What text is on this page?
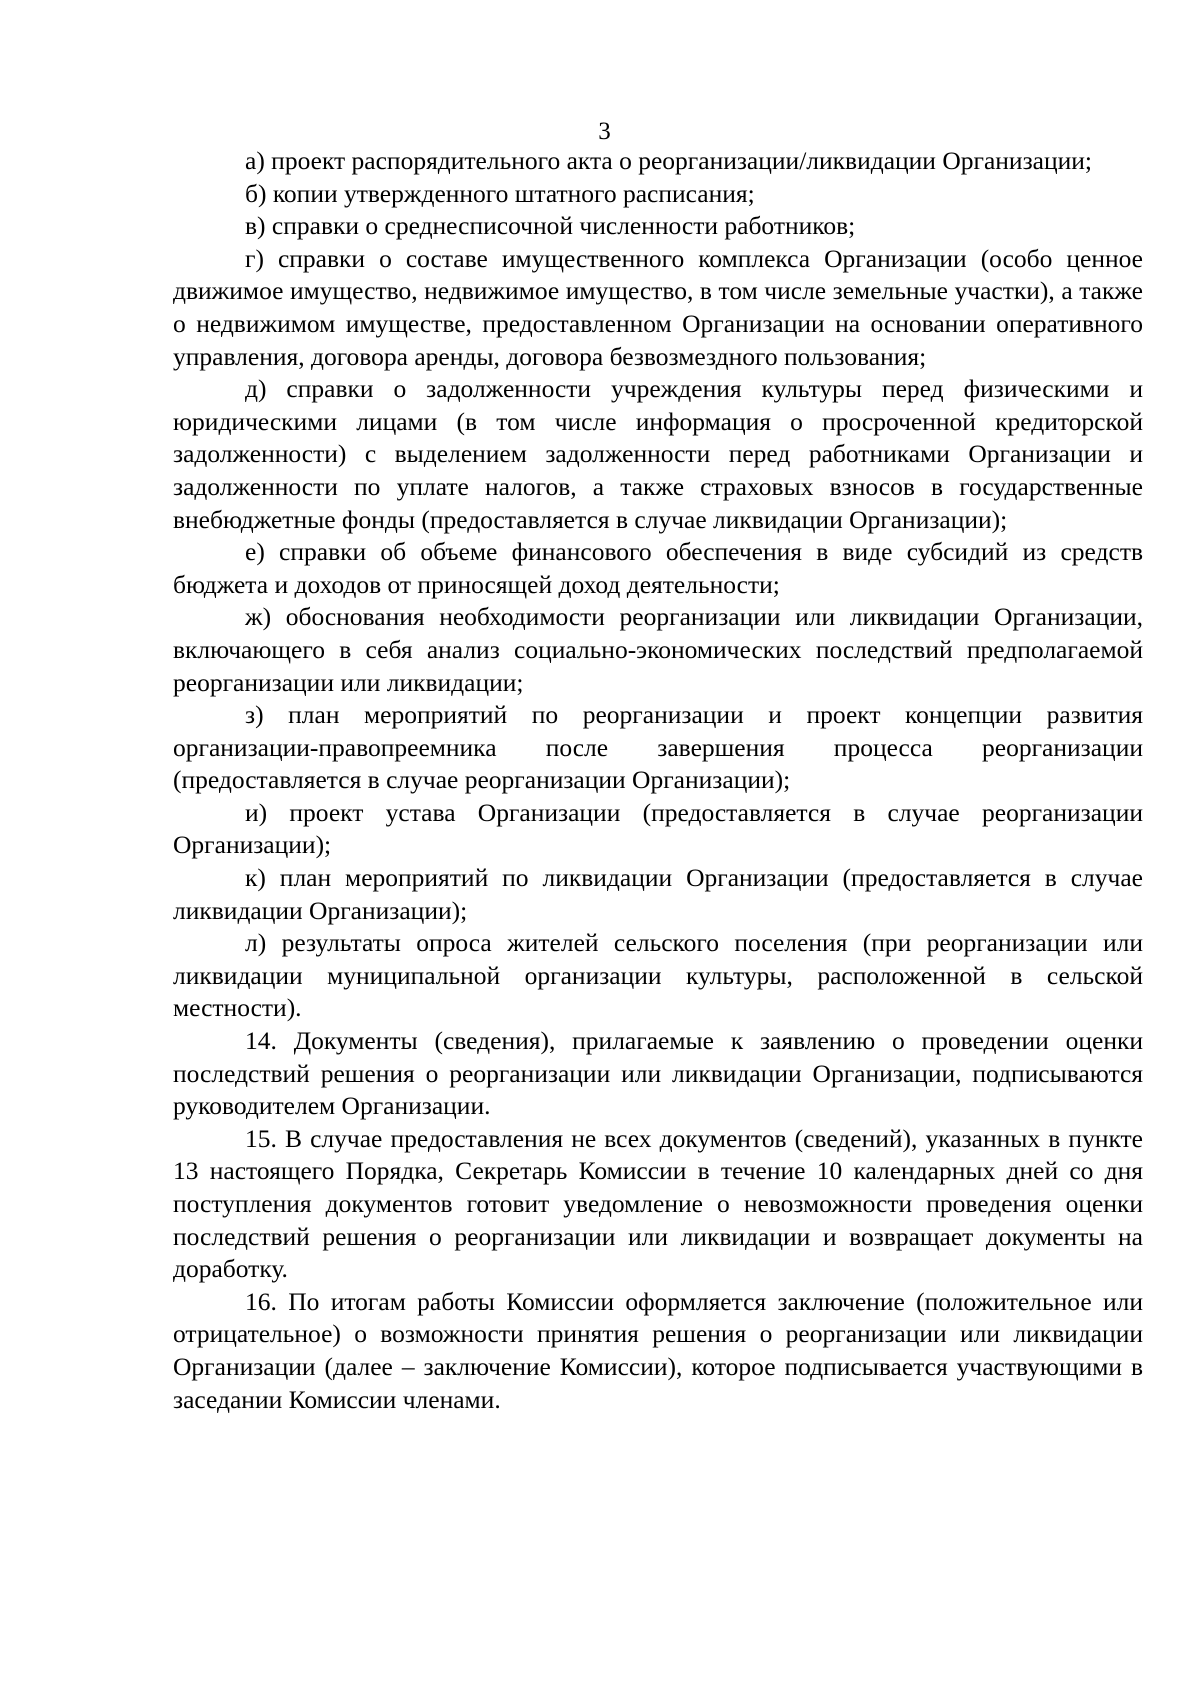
3

а) проект распорядительного акта о реорганизации/ликвидации Организации;

б) копии утвержденного штатного расписания;

в) справки о среднесписочной численности работников;

г) справки о составе имущественного комплекса Организации (особо ценное движимое имущество, недвижимое имущество, в том числе земельные участки), а также о недвижимом имуществе, предоставленном Организации на основании оперативного управления, договора аренды, договора безвозмездного пользования;

д) справки о задолженности учреждения культуры перед физическими и юридическими лицами (в том числе информация о просроченной кредиторской задолженности) с выделением задолженности перед работниками Организации и задолженности по уплате налогов, а также страховых взносов в государственные внебюджетные фонды (предоставляется в случае ликвидации Организации);

е) справки об объеме финансового обеспечения в виде субсидий из средств бюджета и доходов от приносящей доход деятельности;

ж) обоснования необходимости реорганизации или ликвидации Организации, включающего в себя анализ социально-экономических последствий предполагаемой реорганизации или ликвидации;

з) план мероприятий по реорганизации и проект концепции развития организации-правопреемника после завершения процесса реорганизации (предоставляется в случае реорганизации Организации);

и) проект устава Организации (предоставляется в случае реорганизации Организации);

к) план мероприятий по ликвидации Организации (предоставляется в случае ликвидации Организации);

л) результаты опроса жителей сельского поселения (при реорганизации или ликвидации муниципальной организации культуры, расположенной в сельской местности).

14. Документы (сведения), прилагаемые к заявлению о проведении оценки последствий решения о реорганизации или ликвидации Организации, подписываются руководителем Организации.

15. В случае предоставления не всех документов (сведений), указанных в пункте 13 настоящего Порядка, Секретарь Комиссии в течение 10 календарных дней со дня поступления документов готовит уведомление о невозможности проведения оценки последствий решения о реорганизации или ликвидации и возвращает документы на доработку.

16. По итогам работы Комиссии оформляется заключение (положительное или отрицательное) о возможности принятия решения о реорганизации или ликвидации Организации (далее – заключение Комиссии), которое подписывается участвующими в заседании Комиссии членами.
